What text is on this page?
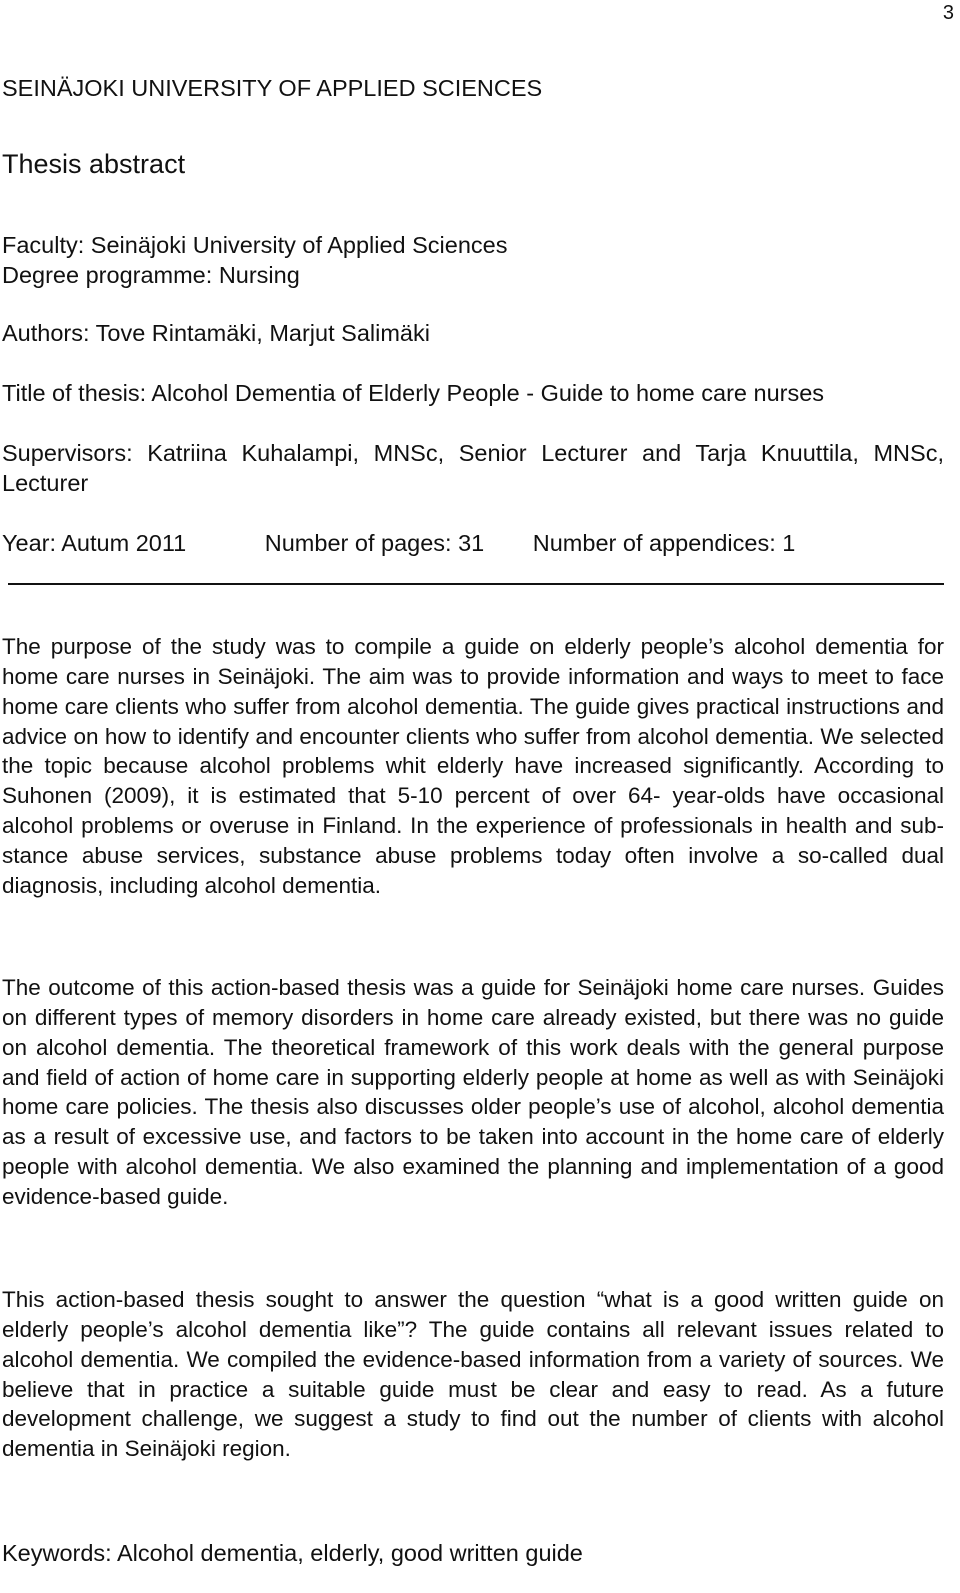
3
SEINÄJOKI UNIVERSITY OF APPLIED SCIENCES
Thesis abstract
Faculty: Seinäjoki University of Applied Sciences
Degree programme: Nursing
Authors: Tove Rintamäki, Marjut Salimäki
Title of thesis: Alcohol Dementia of Elderly People - Guide to home care nurses

Supervisors: Katriina Kuhalampi, MNSc, Senior Lecturer and Tarja Knuuttila, MNSc, Lecturer

Year: Autum 2011	Number of pages: 31 Number of appendices: 1

The purpose of the study was to compile a guide on elderly people’s alcohol dementia for home care nurses in Seinäjoki. The aim was to provide information and ways to meet to face home care clients who suffer from alcohol dementia. The guide gives practical instructions and advice on how to identify and encounter clients who suffer from alcohol dementia. We selected the topic because alcohol problems whit elderly have increased significantly. According to Suhonen (2009), it is estimated that 5-10 percent of over 64- year-olds have occasional alcohol problems or overuse in Finland. In the experience of professionals in health and substance abuse services, substance abuse problems today often involve a so-called dual diagnosis, including alcohol dementia.

The outcome of this action-based thesis was a guide for Seinäjoki home care nurses. Guides on different types of memory disorders in home care already existed, but there was no guide on alcohol dementia. The theoretical framework of this work deals with the general purpose and field of action of home care in supporting elderly people at home as well as with Seinäjoki home care policies. The thesis also discusses older people’s use of alcohol, alcohol dementia as a result of excessive use, and factors to be taken into account in the home care of elderly people with alcohol dementia. We also examined the planning and implementation of a good evidence-based guide.

This action-based thesis sought to answer the question “what is a good written guide on elderly people’s alcohol dementia like”? The guide contains all relevant issues related to alcohol dementia. We compiled the evidence-based information from a variety of sources. We believe that in practice a suitable guide must be clear and easy to read. As a future development challenge, we suggest a study to find out the number of clients with alcohol dementia in Seinäjoki region.

Keywords: Alcohol dementia, elderly, good written guide
